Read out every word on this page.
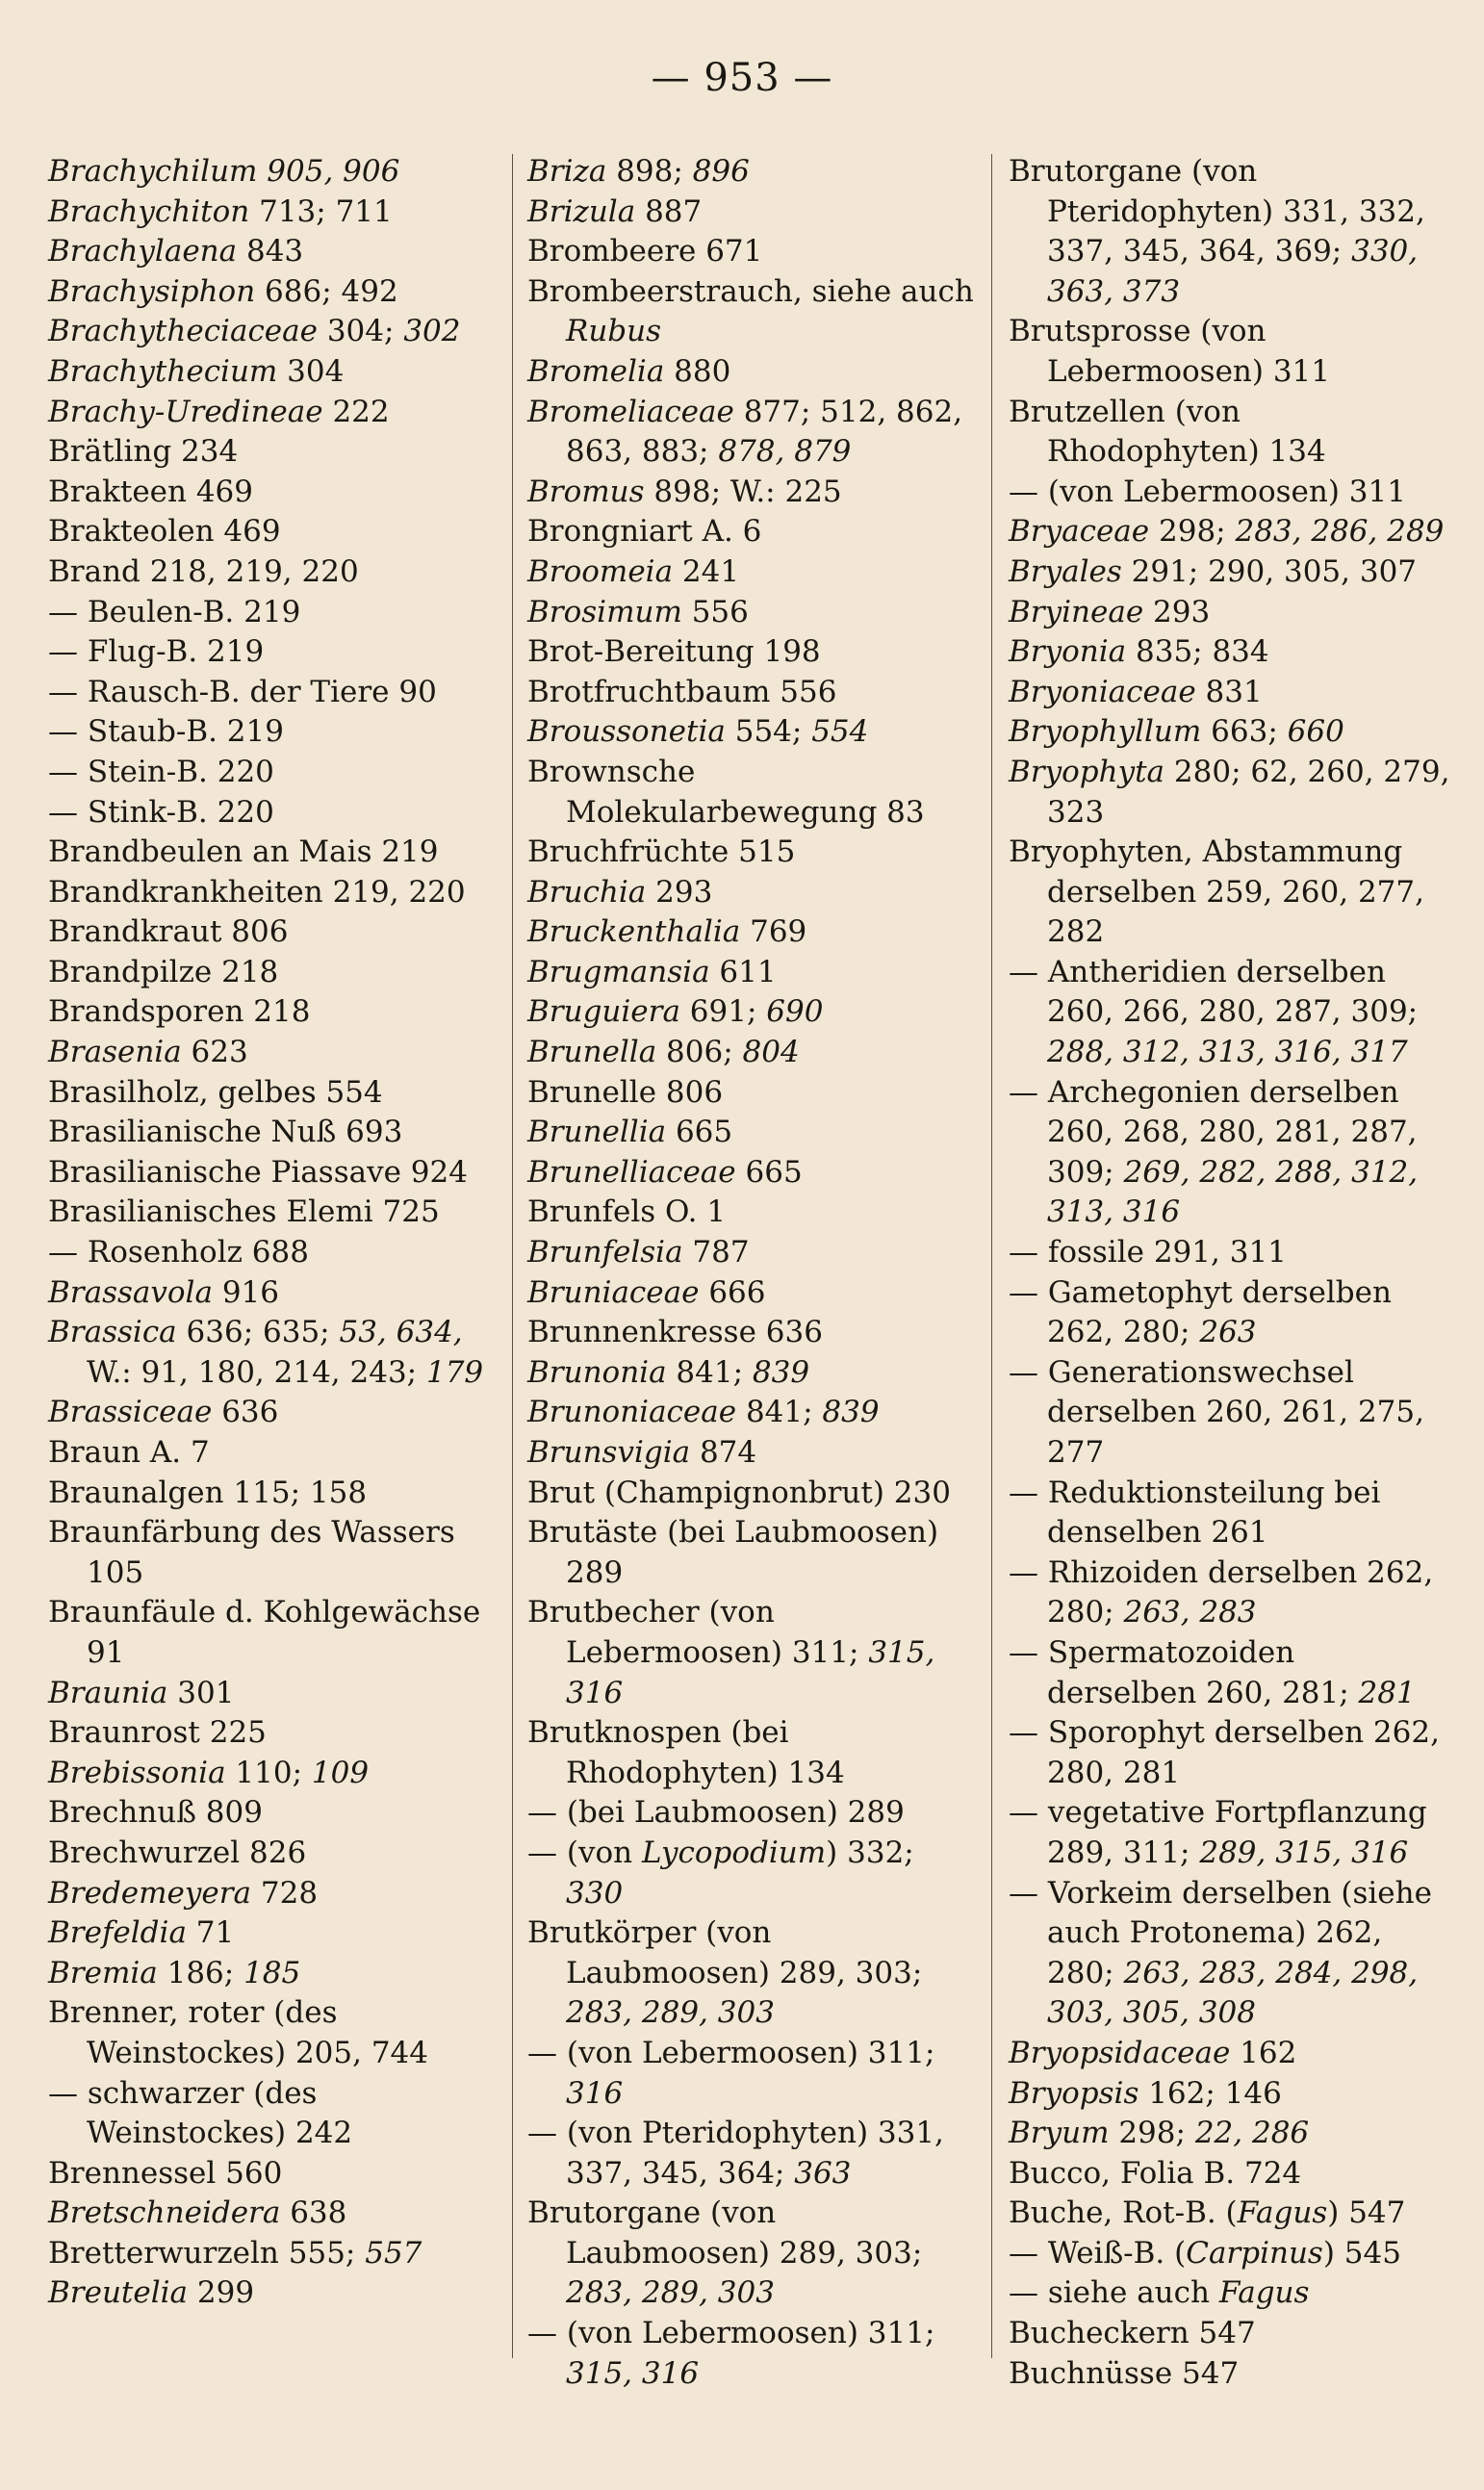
— 953 —
Brachychilum 905, 906
Brachychiton 713; 711
Brachylaena 843
Brachysiphon 686; 492
Brachytheciaceae 304; 302
Brachythecium 304
Brachy-Uredineae 222
Brätling 234
Brakteen 469
Brakteolen 469
Brand 218, 219, 220
— Beulen-B. 219
— Flug-B. 219
— Rausch-B. der Tiere 90
— Staub-B. 219
— Stein-B. 220
— Stink-B. 220
Brandbeulen an Mais 219
Brandkrankheiten 219, 220
Brandkraut 806
Brandpilze 218
Brandsporen 218
Brasenia 623
Brasilholz, gelbes 554
Brasilianische Nuß 693
Brasilianische Piassave 924
Brasilianisches Elemi 725
— Rosenholz 688
Brassavola 916
Brassica 636; 635; 53, 634, W.: 91, 180, 214, 243; 179
Brassiceae 636
Braun A. 7
Braunalgen 115; 158
Braunfärbung des Wassers 105
Braunfäule d. Kohlgewächse 91
Braunia 301
Braunrost 225
Brebissonia 110; 109
Brechnuß 809
Brechwurzel 826
Bredemeyera 728
Brefeldia 71
Bremia 186; 185
Brenner, roter (des Weinstockes) 205, 744
— schwarzer (des Weinstockes) 242
Brennessel 560
Bretschneidera 638
Bretterwurzeln 555; 557
Breutelia 299
Briza 898; 896
Brizula 887
Brombeere 671
Brombeerstrauch, siehe auch Rubus
Bromelia 880
Bromeliaceae 877; 512, 862, 863, 883; 878, 879
Bromus 898; W.: 225
Brongniart A. 6
Broomeia 241
Brosimum 556
Brot-Bereitung 198
Brotfruchtbaum 556
Broussonetia 554; 554
Brownsche Molekularbewegung 83
Bruchfrüchte 515
Bruchia 293
Bruckenthalia 769
Brugmansia 611
Bruguiera 691; 690
Brunella 806; 804
Brunelle 806
Brunellia 665
Brunelliaceae 665
Brunfels O. 1
Brunfelsia 787
Bruniaceae 666
Brunnenkresse 636
Brunonia 841; 839
Brunoniaceae 841; 839
Brunsvigia 874
Brut (Champignonbrut) 230
Brutäste (bei Laubmoosen) 289
Brutbecher (von Lebermoosen) 311; 315, 316
Brutknospen (bei Rhodophyten) 134
— (bei Laubmoosen) 289
— (von Lycopodium) 332; 330
Brutkörper (von Laubmoosen) 289, 303; 283, 289, 303
— (von Lebermoosen) 311; 316
— (von Pteridophyten) 331, 337, 345, 364; 363
Brutorgane (von Laubmoosen) 289, 303; 283, 289, 303
— (von Lebermoosen) 311; 315, 316
Brutorgane (von Pteridophyten) 331, 332, 337, 345, 364, 369; 330, 363, 373
Brutsprosse (von Lebermoosen) 311
Brutzellen (von Rhodophyten) 134
— (von Lebermoosen) 311
Bryaceae 298; 283, 286, 289
Bryales 291; 290, 305, 307
Bryineae 293
Bryonia 835; 834
Bryoniaceae 831
Bryophyllum 663; 660
Bryophyta 280; 62, 260, 279, 323
Bryophyten, Abstammung derselben 259, 260, 277, 282
— Antheridien derselben 260, 266, 280, 287, 309; 288, 312, 313, 316, 317
— Archegonien derselben 260, 268, 280, 281, 287, 309; 269, 282, 288, 312, 313, 316
— fossile 291, 311
— Gametophyt derselben 262, 280; 263
— Generationswechsel derselben 260, 261, 275, 277
— Reduktionsteilung bei denselben 261
— Rhizoiden derselben 262, 280; 263, 283
— Spermatozoiden derselben 260, 281; 281
— Sporophyt derselben 262, 280, 281
— vegetative Fortpflanzung 289, 311; 289, 315, 316
— Vorkeim derselben (siehe auch Protonema) 262, 280; 263, 283, 284, 298, 303, 305, 308
Bryopsidaceae 162
Bryopsis 162; 146
Bryum 298; 22, 286
Bucco, Folia B. 724
Buche, Rot-B. (Fagus) 547
— Weiß-B. (Carpinus) 545
— siehe auch Fagus
Bucheckern 547
Buchnüsse 547
